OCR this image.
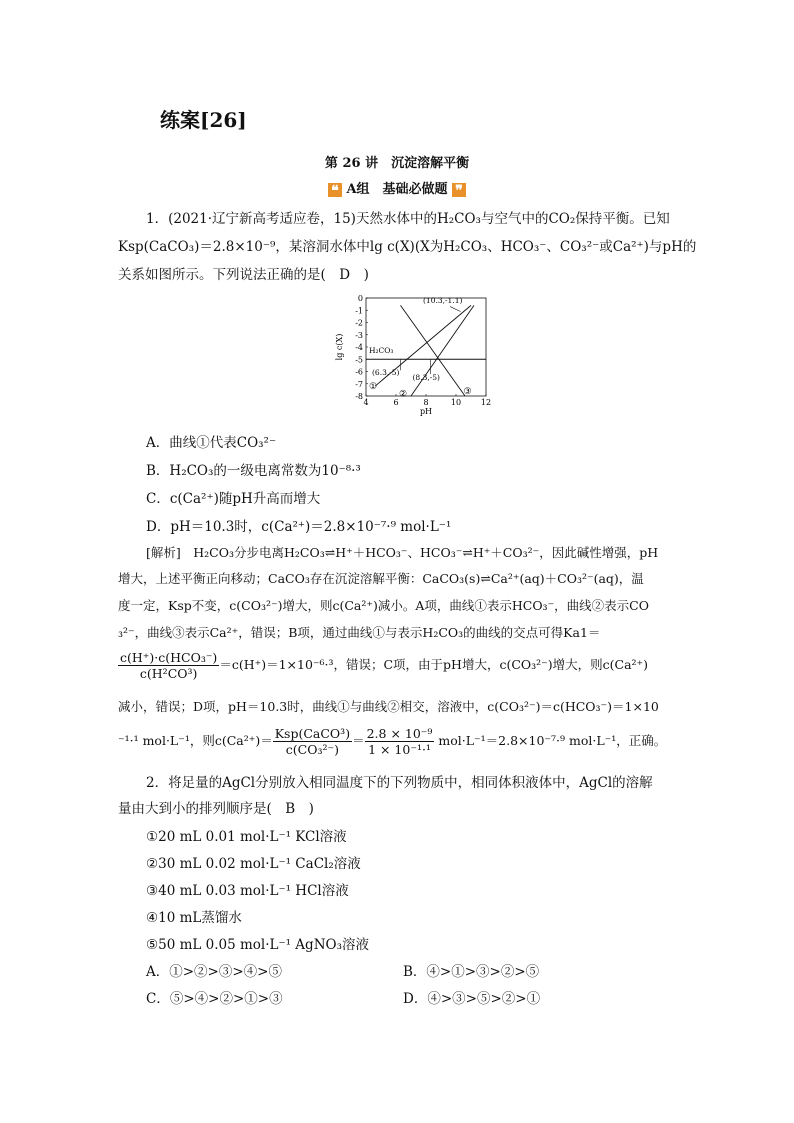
练案[26]
第 26 讲　沉淀溶解平衡
❝ A组　基础必做题 ❞
1．(2021·辽宁新高考适应卷，15)天然水体中的H₂CO₃与空气中的CO₂保持平衡。已知
Ksp(CaCO₃)＝2.8×10⁻⁹，某溶洞水体中lg c(X)(X为H₂CO₃、HCO₃⁻、CO₃²⁻或Ca²⁺)与pH的
关系如图所示。下列说法正确的是(　D　)
4	6	8	10 12
0
-1
-2
-3
-4
-5
-6
-7
-8
pH
lg c(X)
①
②	③
H₂CO₃
(10.3,-1.1)
(6.3,-5)
(8.3,-5)
A．曲线①代表CO₃²⁻
B．H₂CO₃的一级电离常数为10⁻⁸·³
C．c(Ca²⁺)随pH升高而增大
D．pH＝10.3时，c(Ca²⁺)＝2.8×10⁻⁷·⁹ mol·L⁻¹
[解析]　H₂CO₃分步电离H₂CO₃⇌H⁺＋HCO₃⁻、HCO₃⁻⇌H⁺＋CO₃²⁻，因此碱性增强，pH
增大，上述平衡正向移动；CaCO₃存在沉淀溶解平衡：CaCO₃(s)⇌Ca²⁺(aq)＋CO₃²⁻(aq)，温
度一定，Ksp不变，c(CO₃²⁻)增大，则c(Ca²⁺)减小。A项，曲线①表示HCO₃⁻，曲线②表示CO
₃²⁻，曲线③表示Ca²⁺，错误；B项，通过曲线①与表示H₂CO₃的曲线的交点可得Ka1＝
$\frac{\text{c(H⁺)·c(HCO₃⁻)}}{\text{c(H²CO³)}} =c(H^+)=1\times 10^{-6}\cdot^3$，错误；C项，由于pH增大，c(CO₃²⁻)增大，则c(Ca²⁺)
减小，错误；D项，pH＝10.3时，曲线①与曲线②相交，溶液中，c(CO₃²⁻)＝c(HCO₃⁻)＝1×10
⁻¹·¹ mol·L⁻¹，则$c(Ca^{2+})= \frac{\text{Ksp(CaCO³)}}{\text{c(CO₃²⁻)}} = \frac{\text{2.8 × 10⁻⁹}}{\text{1 × 10⁻¹·¹}} mol\cdot L^{-1}=2.8\times 10^{-7}\cdot^9$ mol·L⁻¹，正确。
2．将足量的AgCl分别放入相同温度下的下列物质中，相同体积液体中，AgCl的溶解
量由大到小的排列顺序是(　B　)
①20 mL 0.01 mol·L⁻¹ KCl溶液
②30 mL 0.02 mol·L⁻¹ CaCl₂溶液
③40 mL 0.03 mol·L⁻¹ HCl溶液
④10 mL蒸馏水
⑤50 mL 0.05 mol·L⁻¹ AgNO₃溶液
A．①>②>③>④>⑤	B．④>①>③>②>⑤
C．⑤>④>②>①>③	D．④>③>⑤>②>①
